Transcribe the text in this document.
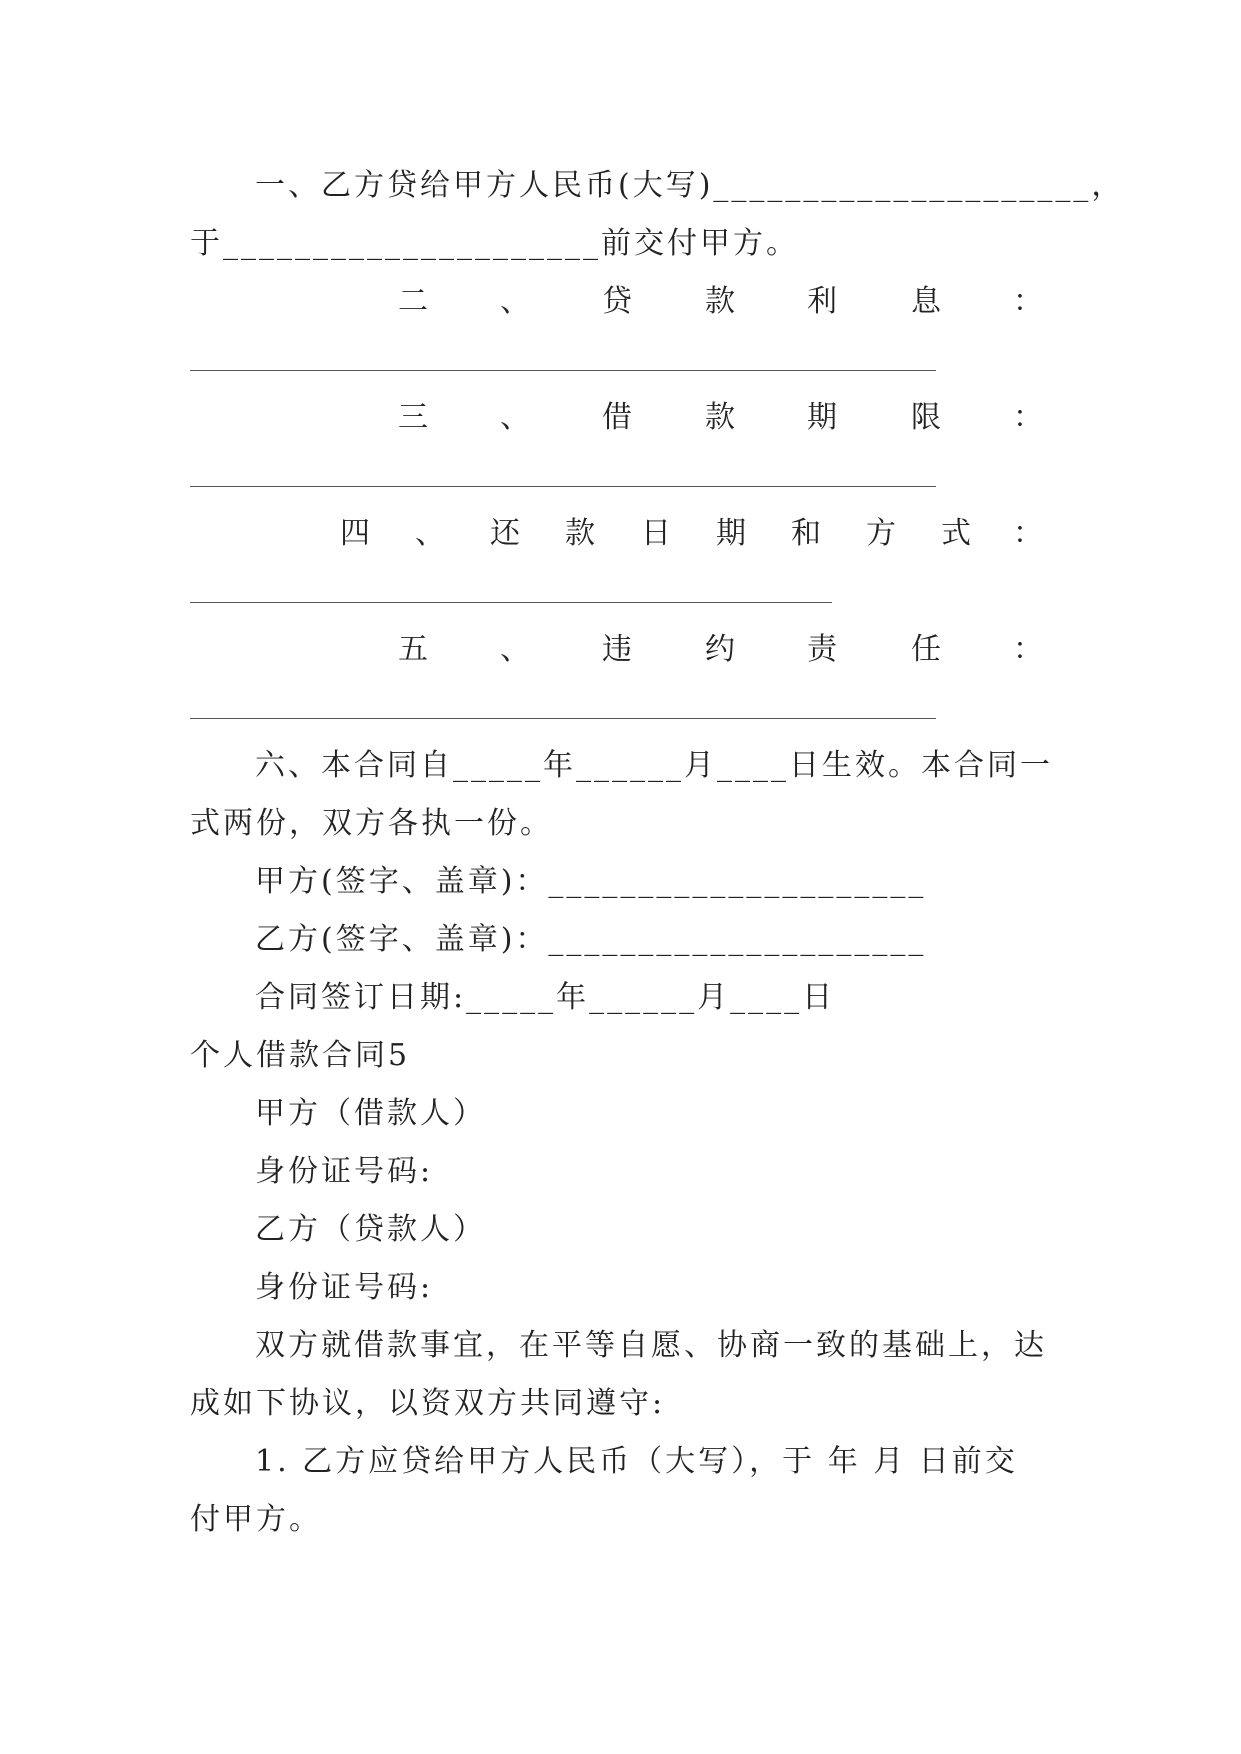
一、乙方贷给甲方人民币(大写)_____________________，
于_____________________前交付甲方。
二 、 贷 款 利 息 ：
三 、 借 款 期 限 ：
四 、 还 款 日 期 和 方 式 ：
五 、 违 约 责 任 ：
六、本合同自_____年______月____日生效。本合同一
式两份，双方各执一份。
甲方(签字、盖章)：_____________________
乙方(签字、盖章)：_____________________
合同签订日期:_____年______月____日
个人借款合同5
甲方（借款人）
身份证号码:
乙方（贷款人）
身份证号码:
双方就借款事宜，在平等自愿、协商一致的基础上，达
成如下协议，以资双方共同遵守:
1. 乙方应贷给甲方人民币（大写），于 年 月 日前交
付甲方。
